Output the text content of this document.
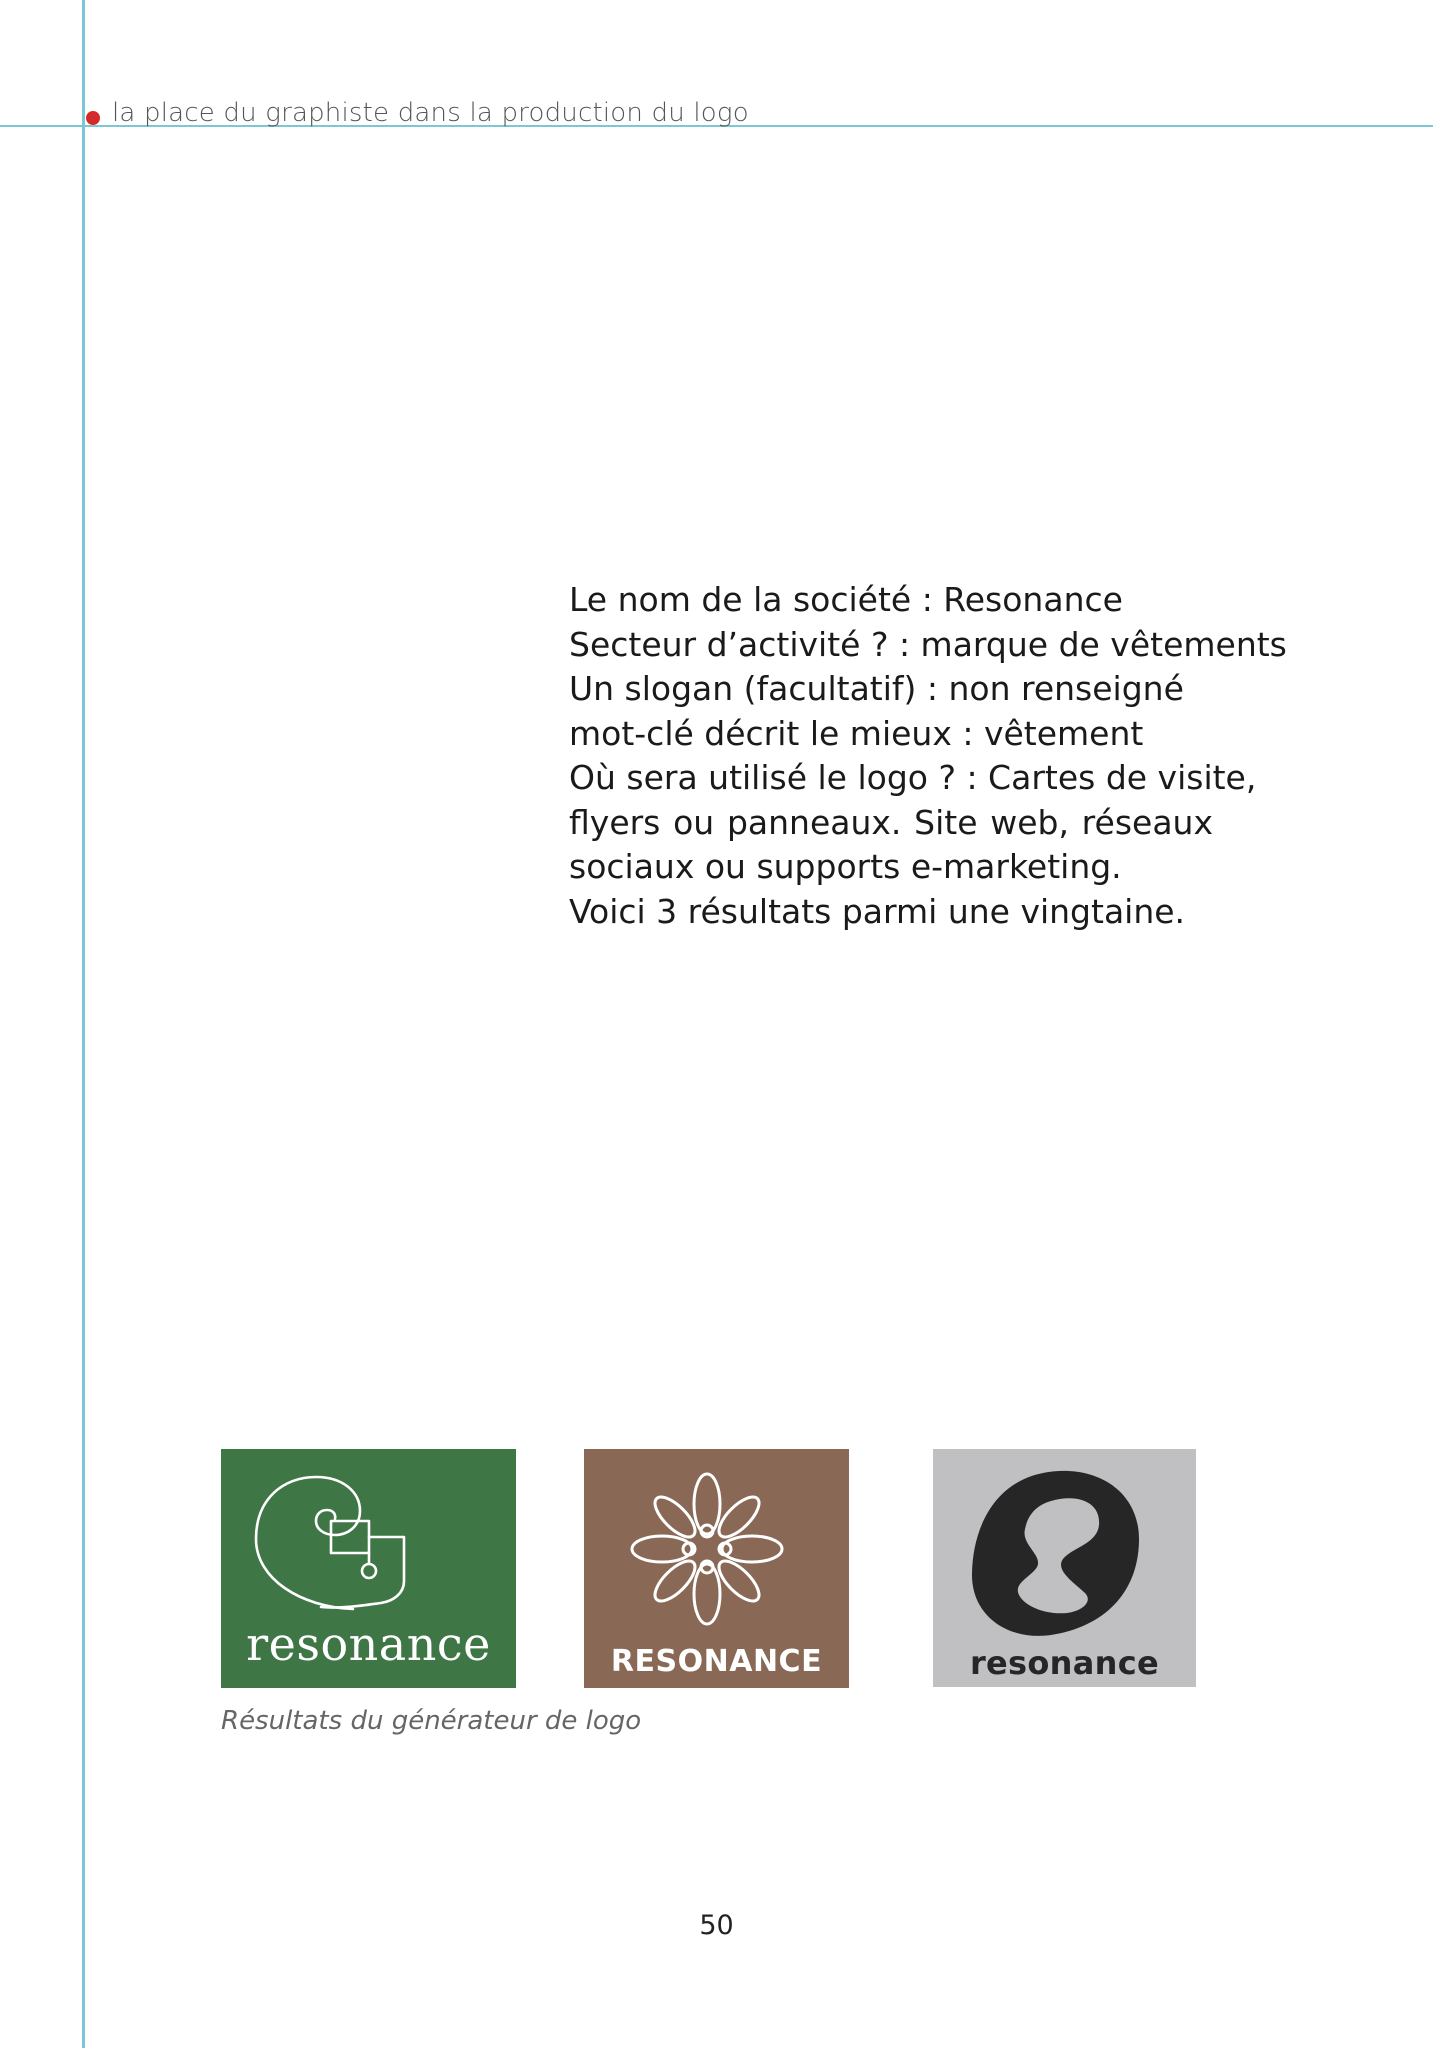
la place du graphiste dans la production du logo
Le nom de la société : Resonance
Secteur d’activité ? : marque de vêtements
Un slogan (facultatif) : non renseigné
mot-clé décrit le mieux : vêtement
Où sera utilisé le logo ? : Cartes de visite,
flyers ou panneaux. Site web, réseaux
sociaux ou supports e-marketing.
Voici 3 résultats parmi une vingtaine.
resonance	RESONANCE	resonance
Résultats du générateur de logo
50
